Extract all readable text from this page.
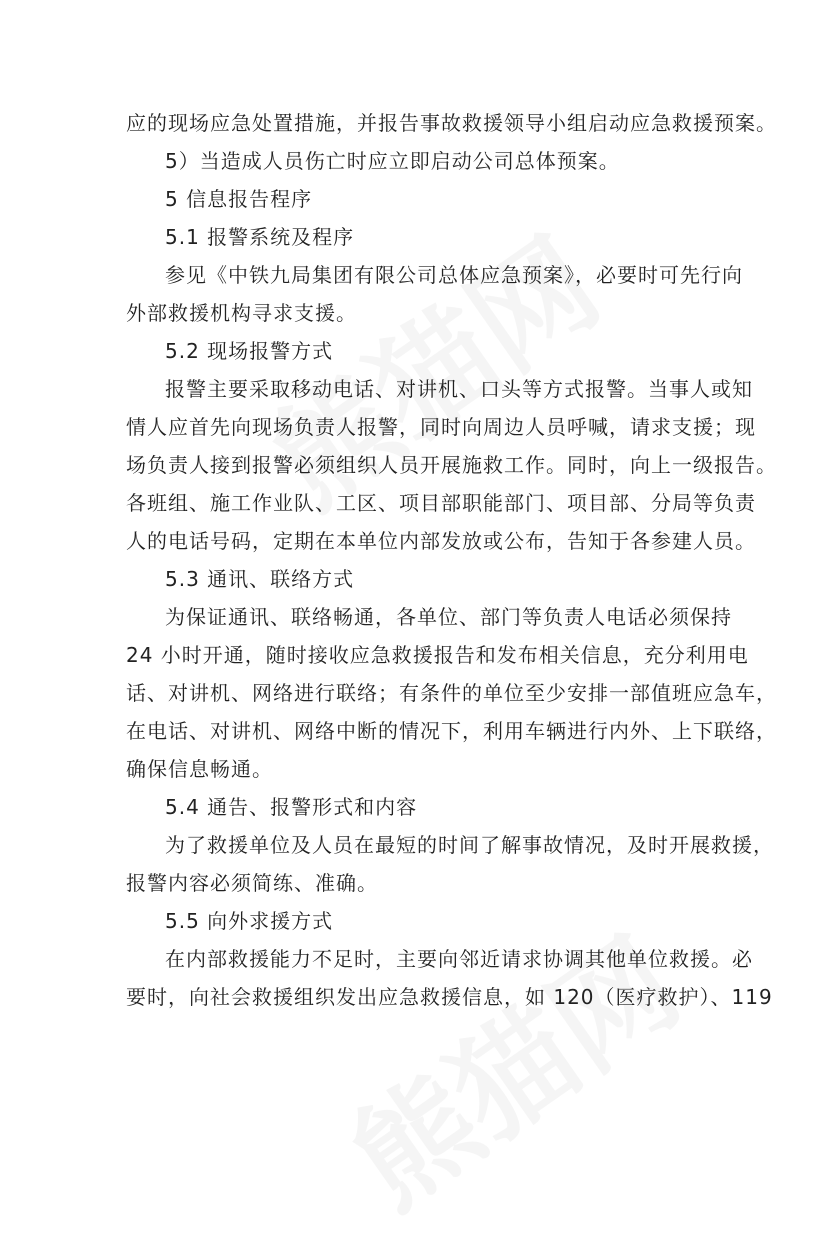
应的现场应急处置措施，并报告事故救援领导小组启动应急救援预案。
5）当造成人员伤亡时应立即启动公司总体预案。
5 信息报告程序
5.1 报警系统及程序
参见《中铁九局集团有限公司总体应急预案》，必要时可先行向
外部救援机构寻求支援。
5.2 现场报警方式
报警主要采取移动电话、对讲机、口头等方式报警。当事人或知
情人应首先向现场负责人报警，同时向周边人员呼喊，请求支援；现
场负责人接到报警必须组织人员开展施救工作。同时，向上一级报告。
各班组、施工作业队、工区、项目部职能部门、项目部、分局等负责
人的电话号码，定期在本单位内部发放或公布，告知于各参建人员。
5.3 通讯、联络方式
为保证通讯、联络畅通，各单位、部门等负责人电话必须保持
24 小时开通，随时接收应急救援报告和发布相关信息，充分利用电
话、对讲机、网络进行联络；有条件的单位至少安排一部值班应急车，
在电话、对讲机、网络中断的情况下，利用车辆进行内外、上下联络，
确保信息畅通。
5.4 通告、报警形式和内容
为了救援单位及人员在最短的时间了解事故情况，及时开展救援，
报警内容必须简练、准确。
5.5 向外求援方式
在内部救援能力不足时，主要向邻近请求协调其他单位救援。必
要时，向社会救援组织发出应急救援信息，如 120（医疗救护）、119
